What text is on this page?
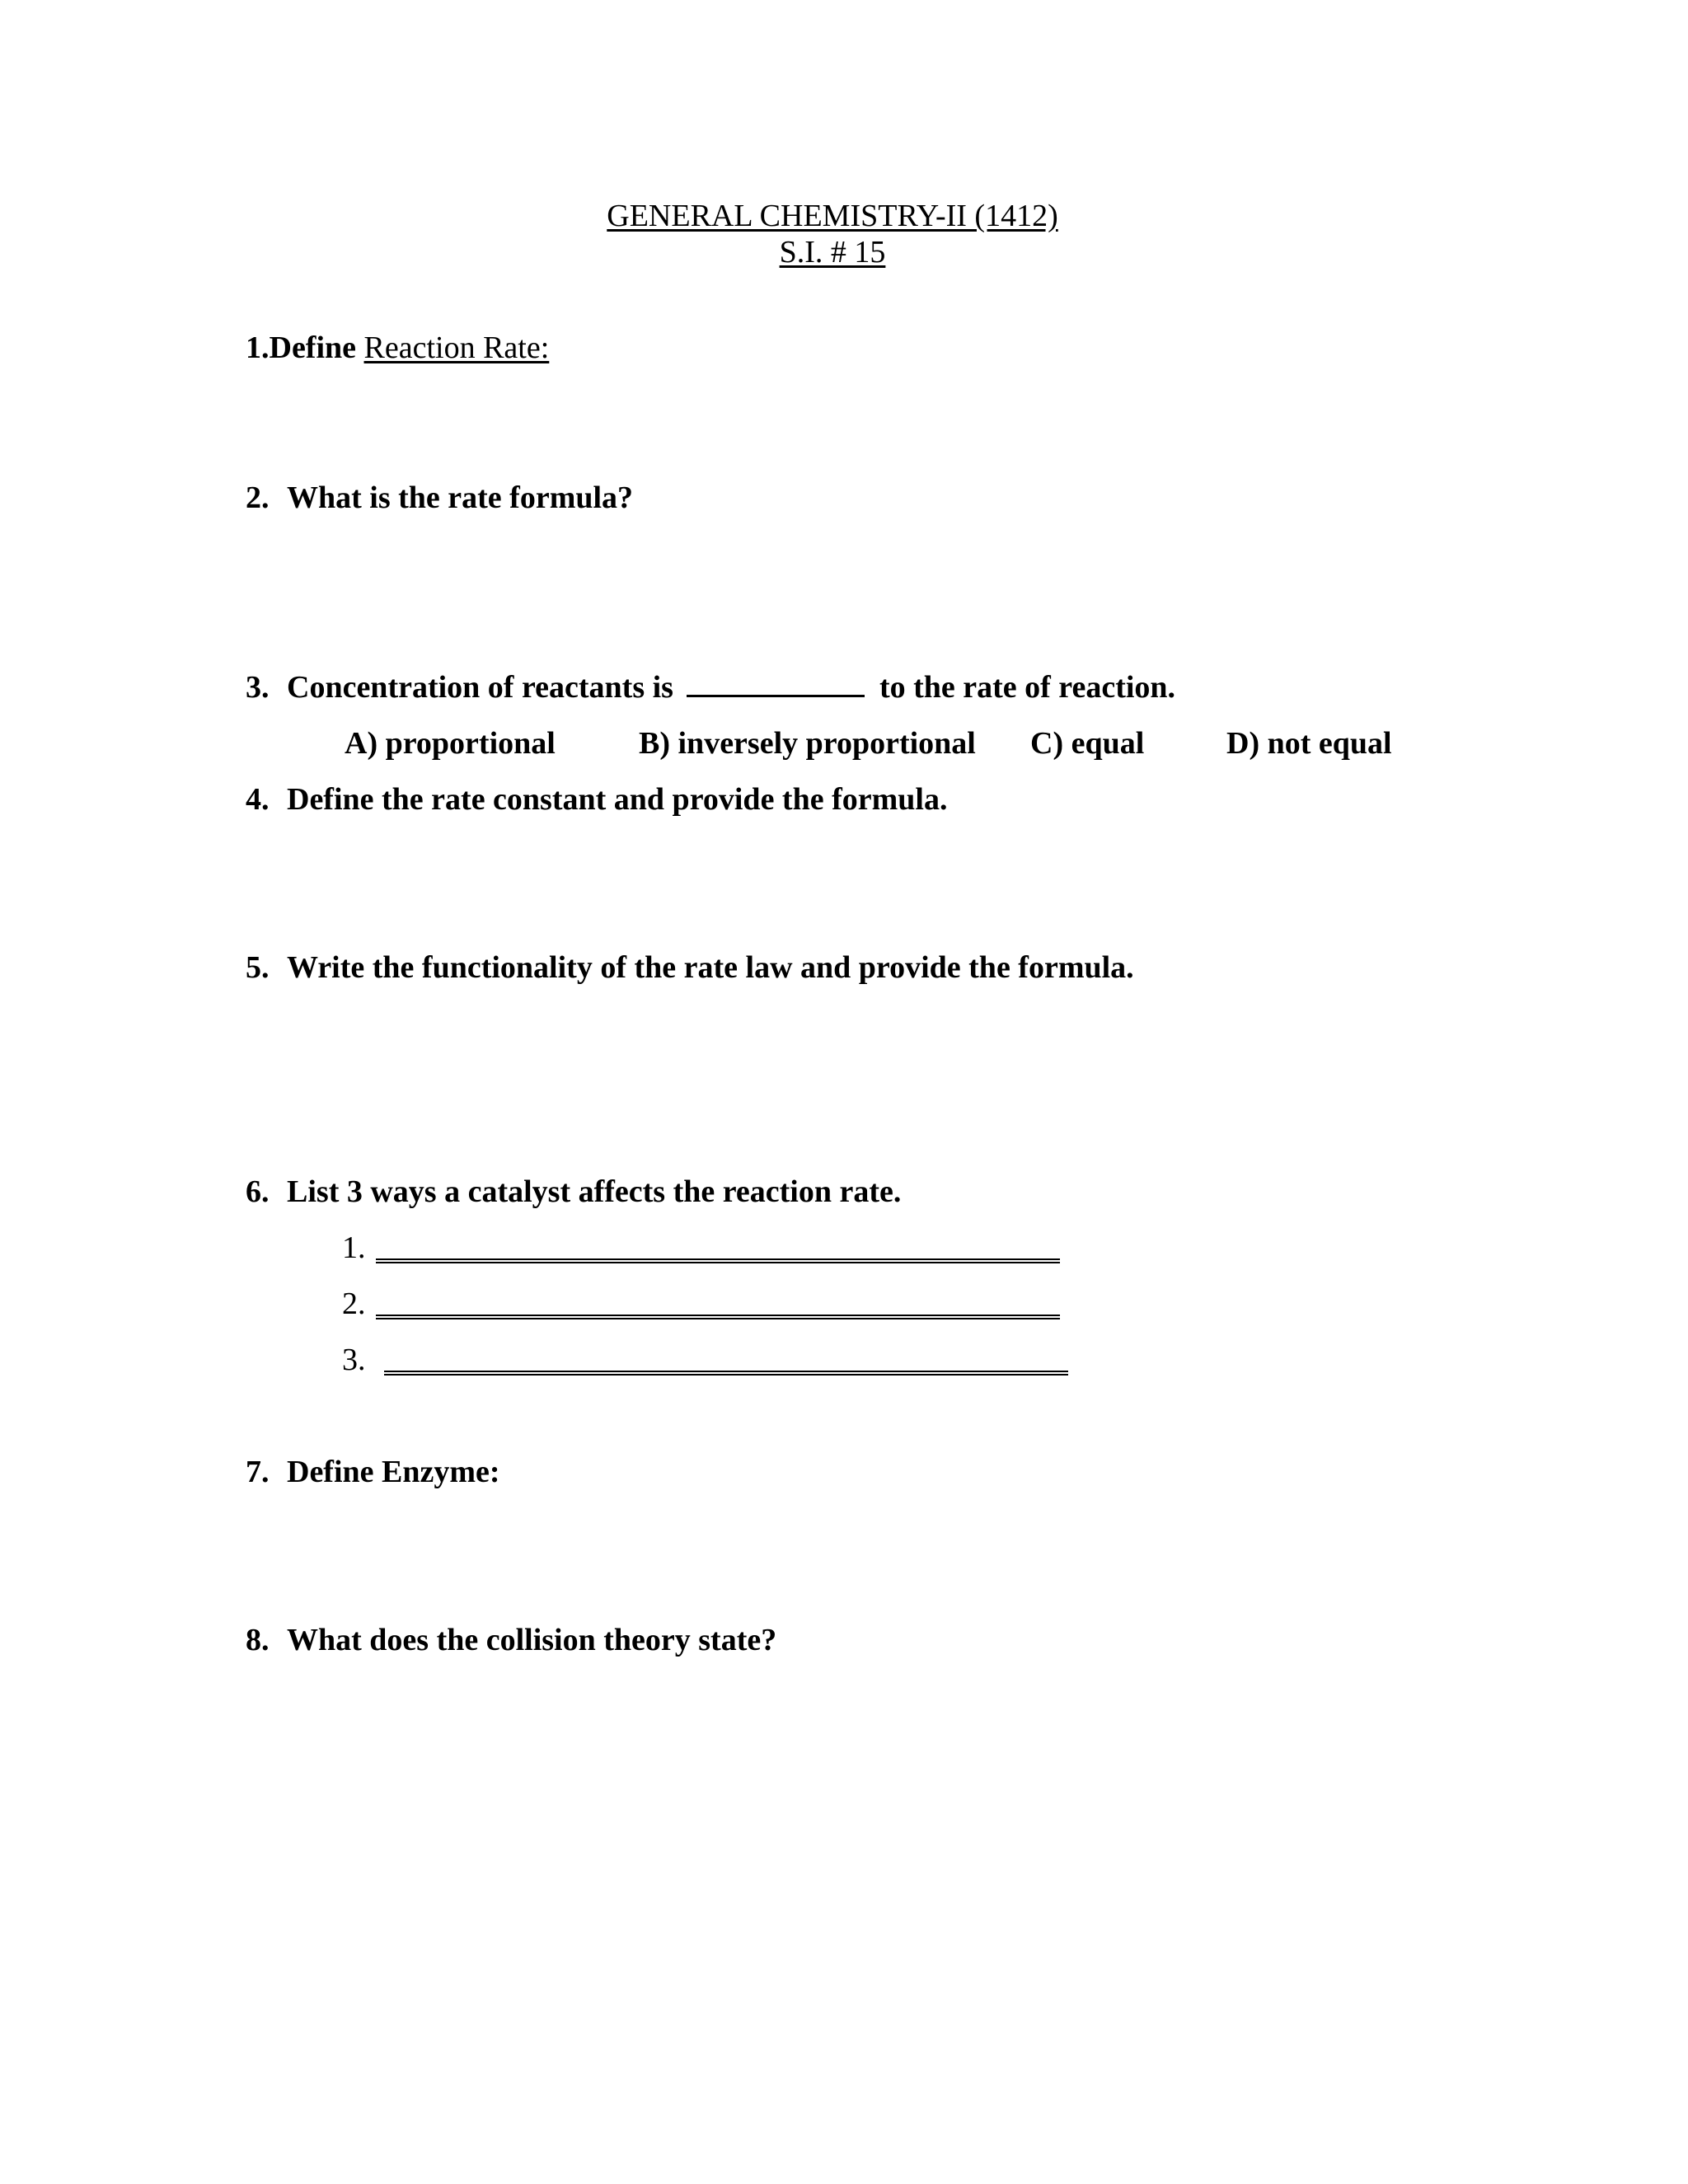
GENERAL CHEMISTRY-II (1412)
S.I. # 15
1.Define Reaction Rate:
2. What is the rate formula?
3. Concentration of reactants is	to the rate of reaction.
A) proportional	B) inversely proportional C) equal	D) not equal
4. Define the rate constant and provide the formula.
5. Write the functionality of the rate law and provide the formula.
6. List 3 ways a catalyst affects the reaction rate.
1.
2.
3.
7. Define Enzyme:
8. What does the collision theory state?
